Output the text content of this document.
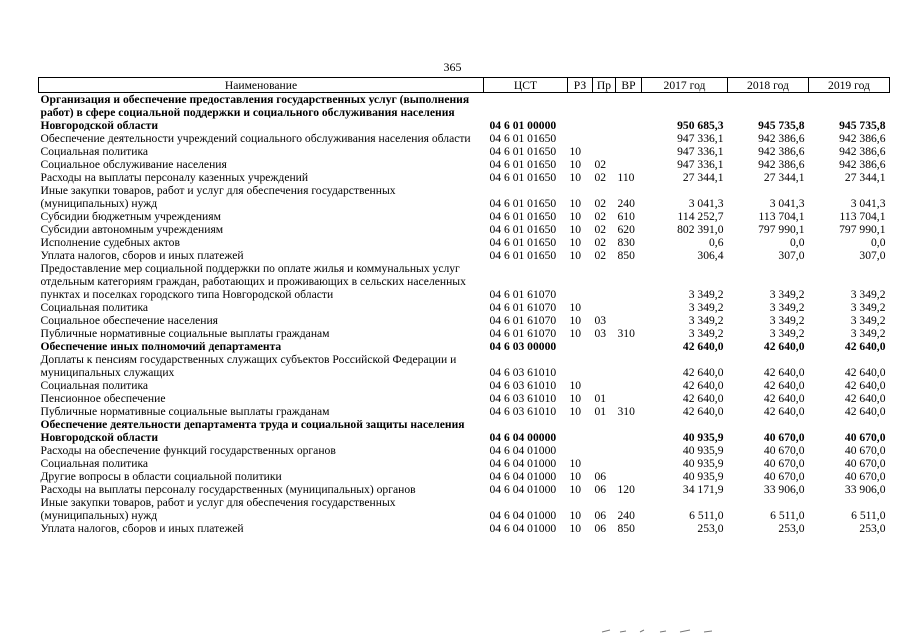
365
Наименование	ЦСТ	РЗ	Пр	ВР	2017 год	2018 год	2019 год
Организация и обеспечение предоставления государственных услуг (выполнения работ) в сфере социальной поддержки и социального обслуживания населения Новгородской области	04 6 01 00000				950 685,3	945 735,8	945 735,8
Обеспечение деятельности учреждений социального обслуживания населения области	04 6 01 01650				947 336,1	942 386,6	942 386,6
Социальная политика	04 6 01 01650	10			947 336,1	942 386,6	942 386,6
Социальное обслуживание населения	04 6 01 01650	10	02		947 336,1	942 386,6	942 386,6
Расходы на выплаты персоналу казенных учреждений	04 6 01 01650	10	02	110	27 344,1	27 344,1	27 344,1
Иные закупки товаров, работ и услуг для обеспечения государственных (муниципальных) нужд	04 6 01 01650	10	02	240	3 041,3	3 041,3	3 041,3
Субсидии бюджетным учреждениям	04 6 01 01650	10	02	610	114 252,7	113 704,1	113 704,1
Субсидии автономным учреждениям	04 6 01 01650	10	02	620	802 391,0	797 990,1	797 990,1
Исполнение судебных актов	04 6 01 01650	10	02	830	0,6	0,0	0,0
Уплата налогов, сборов и иных платежей	04 6 01 01650	10	02	850	306,4	307,0	307,0
Предоставление мер социальной поддержки по оплате жилья и коммунальных услуг отдельным категориям граждан, работающих и проживающих в сельских населенных пунктах и поселках городского типа Новгородской области	04 6 01 61070				3 349,2	3 349,2	3 349,2
Социальная политика	04 6 01 61070	10			3 349,2	3 349,2	3 349,2
Социальное обеспечение населения	04 6 01 61070	10	03		3 349,2	3 349,2	3 349,2
Публичные нормативные социальные выплаты гражданам	04 6 01 61070	10	03	310	3 349,2	3 349,2	3 349,2
Обеспечение иных полномочий департамента	04 6 03 00000				42 640,0	42 640,0	42 640,0
Доплаты к пенсиям государственных служащих субъектов Российской Федерации и муниципальных служащих	04 6 03 61010				42 640,0	42 640,0	42 640,0
Социальная политика	04 6 03 61010	10			42 640,0	42 640,0	42 640,0
Пенсионное обеспечение	04 6 03 61010	10	01		42 640,0	42 640,0	42 640,0
Публичные нормативные социальные выплаты гражданам	04 6 03 61010	10	01	310	42 640,0	42 640,0	42 640,0
Обеспечение деятельности департамента труда и социальной защиты населения Новгородской области	04 6 04 00000				40 935,9	40 670,0	40 670,0
Расходы на обеспечение функций государственных органов	04 6 04 01000				40 935,9	40 670,0	40 670,0
Социальная политика	04 6 04 01000	10			40 935,9	40 670,0	40 670,0
Другие вопросы в области социальной политики	04 6 04 01000	10	06		40 935,9	40 670,0	40 670,0
Расходы на выплаты персоналу государственных (муниципальных) органов	04 6 04 01000	10	06	120	34 171,9	33 906,0	33 906,0
Иные закупки товаров, работ и услуг для обеспечения государственных (муниципальных) нужд	04 6 04 01000	10	06	240	6 511,0	6 511,0	6 511,0
Уплата налогов, сборов и иных платежей	04 6 04 01000	10	06	850	253,0	253,0	253,0
